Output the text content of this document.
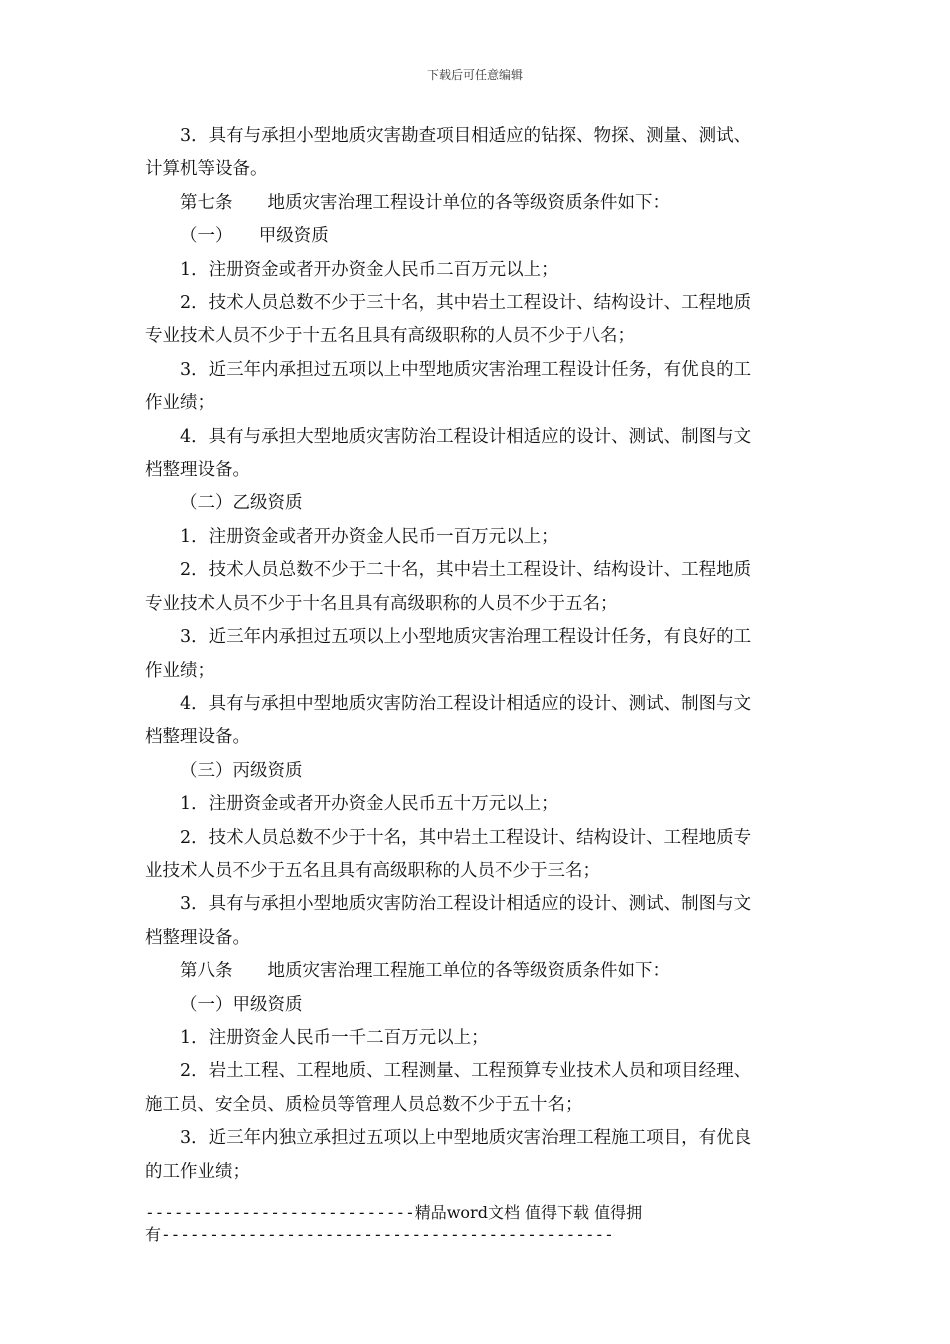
下载后可任意编辑

3．具有与承担小型地质灾害勘查项目相适应的钻探、物探、测量、测试、

计算机等设备。

第七条　　地质灾害治理工程设计单位的各等级资质条件如下：

（一）　　甲级资质

1．注册资金或者开办资金人民币二百万元以上；

2．技术人员总数不少于三十名，其中岩土工程设计、结构设计、工程地质

专业技术人员不少于十五名且具有高级职称的人员不少于八名；

3．近三年内承担过五项以上中型地质灾害治理工程设计任务，有优良的工

作业绩；

4．具有与承担大型地质灾害防治工程设计相适应的设计、测试、制图与文

档整理设备。

（二）乙级资质

1．注册资金或者开办资金人民币一百万元以上；

2．技术人员总数不少于二十名，其中岩土工程设计、结构设计、工程地质

专业技术人员不少于十名且具有高级职称的人员不少于五名；

3．近三年内承担过五项以上小型地质灾害治理工程设计任务，有良好的工

作业绩；

4．具有与承担中型地质灾害防治工程设计相适应的设计、测试、制图与文

档整理设备。

（三）丙级资质

1．注册资金或者开办资金人民币五十万元以上；

2．技术人员总数不少于十名，其中岩土工程设计、结构设计、工程地质专

业技术人员不少于五名且具有高级职称的人员不少于三名；

3．具有与承担小型地质灾害防治工程设计相适应的设计、测试、制图与文

档整理设备。

第八条　　地质灾害治理工程施工单位的各等级资质条件如下：

（一）甲级资质

1．注册资金人民币一千二百万元以上；

2．岩土工程、工程地质、工程测量、工程预算专业技术人员和项目经理、

施工员、安全员、质检员等管理人员总数不少于五十名；

3．近三年内独立承担过五项以上中型地质灾害治理工程施工项目，有优良

的工作业绩；

----------------------------精品word文档 值得下载 值得拥
有-----------------------------------------------
